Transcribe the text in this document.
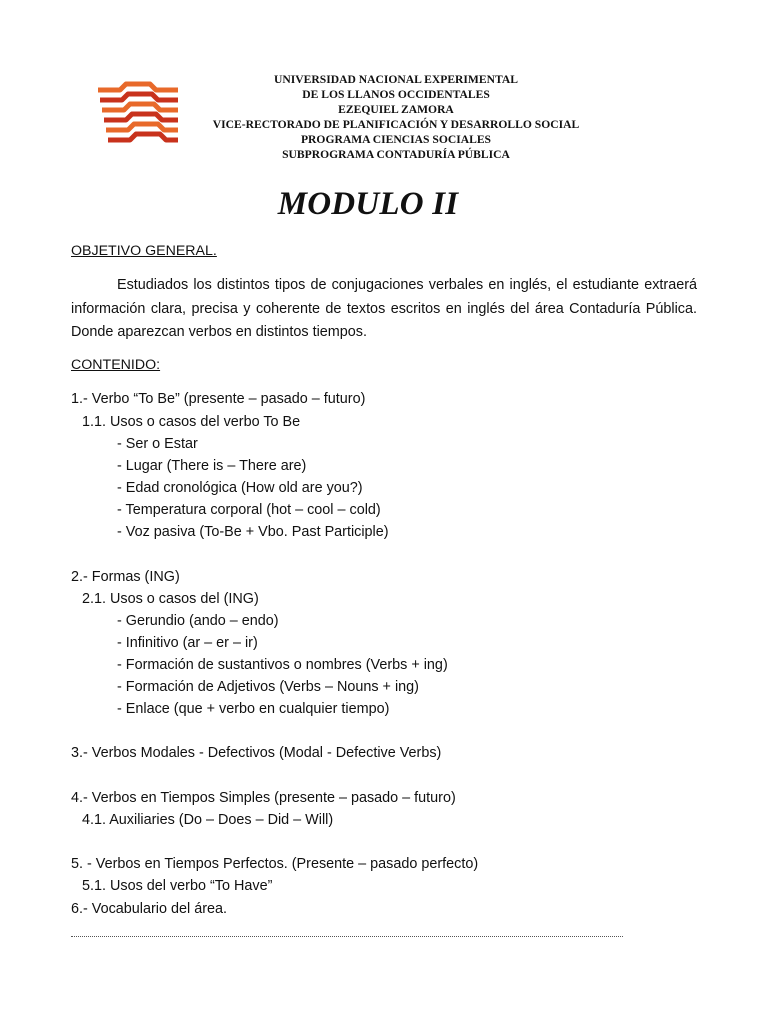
UNIVERSIDAD NACIONAL EXPERIMENTAL
DE LOS LLANOS OCCIDENTALES
EZEQUIEL ZAMORA
VICE-RECTORADO DE PLANIFICACIÓN Y DESARROLLO SOCIAL
PROGRAMA CIENCIAS SOCIALES
SUBPROGRAMA CONTADURÍA PÚBLICA
MODULO II
OBJETIVO GENERAL.

Estudiados los distintos tipos de conjugaciones verbales en inglés, el estudiante extraerá información clara, precisa y coherente de textos escritos en inglés del área Contaduría Pública. Donde aparezcan verbos en distintos tiempos.

CONTENIDO:
1.- Verbo “To Be” (presente – pasado – futuro)
1.1. Usos o casos del verbo To Be
- Ser o Estar
- Lugar (There is – There are)
- Edad cronológica (How old are you?)
- Temperatura corporal (hot – cool – cold)
- Voz pasiva (To-Be + Vbo. Past Participle)
2.- Formas (ING)
2.1. Usos o casos del (ING)
- Gerundio (ando – endo)
- Infinitivo (ar – er – ir)
- Formación de sustantivos o nombres (Verbs + ing)
- Formación de Adjetivos (Verbs – Nouns + ing)
- Enlace (que + verbo en cualquier tiempo)
3.- Verbos Modales - Defectivos (Modal - Defective Verbs)
4.- Verbos en Tiempos Simples (presente – pasado – futuro)
4.1. Auxiliaries (Do – Does – Did – Will)
5. - Verbos en Tiempos Perfectos. (Presente – pasado perfecto)
5.1. Usos del verbo “To Have”
6.- Vocabulario del área.
